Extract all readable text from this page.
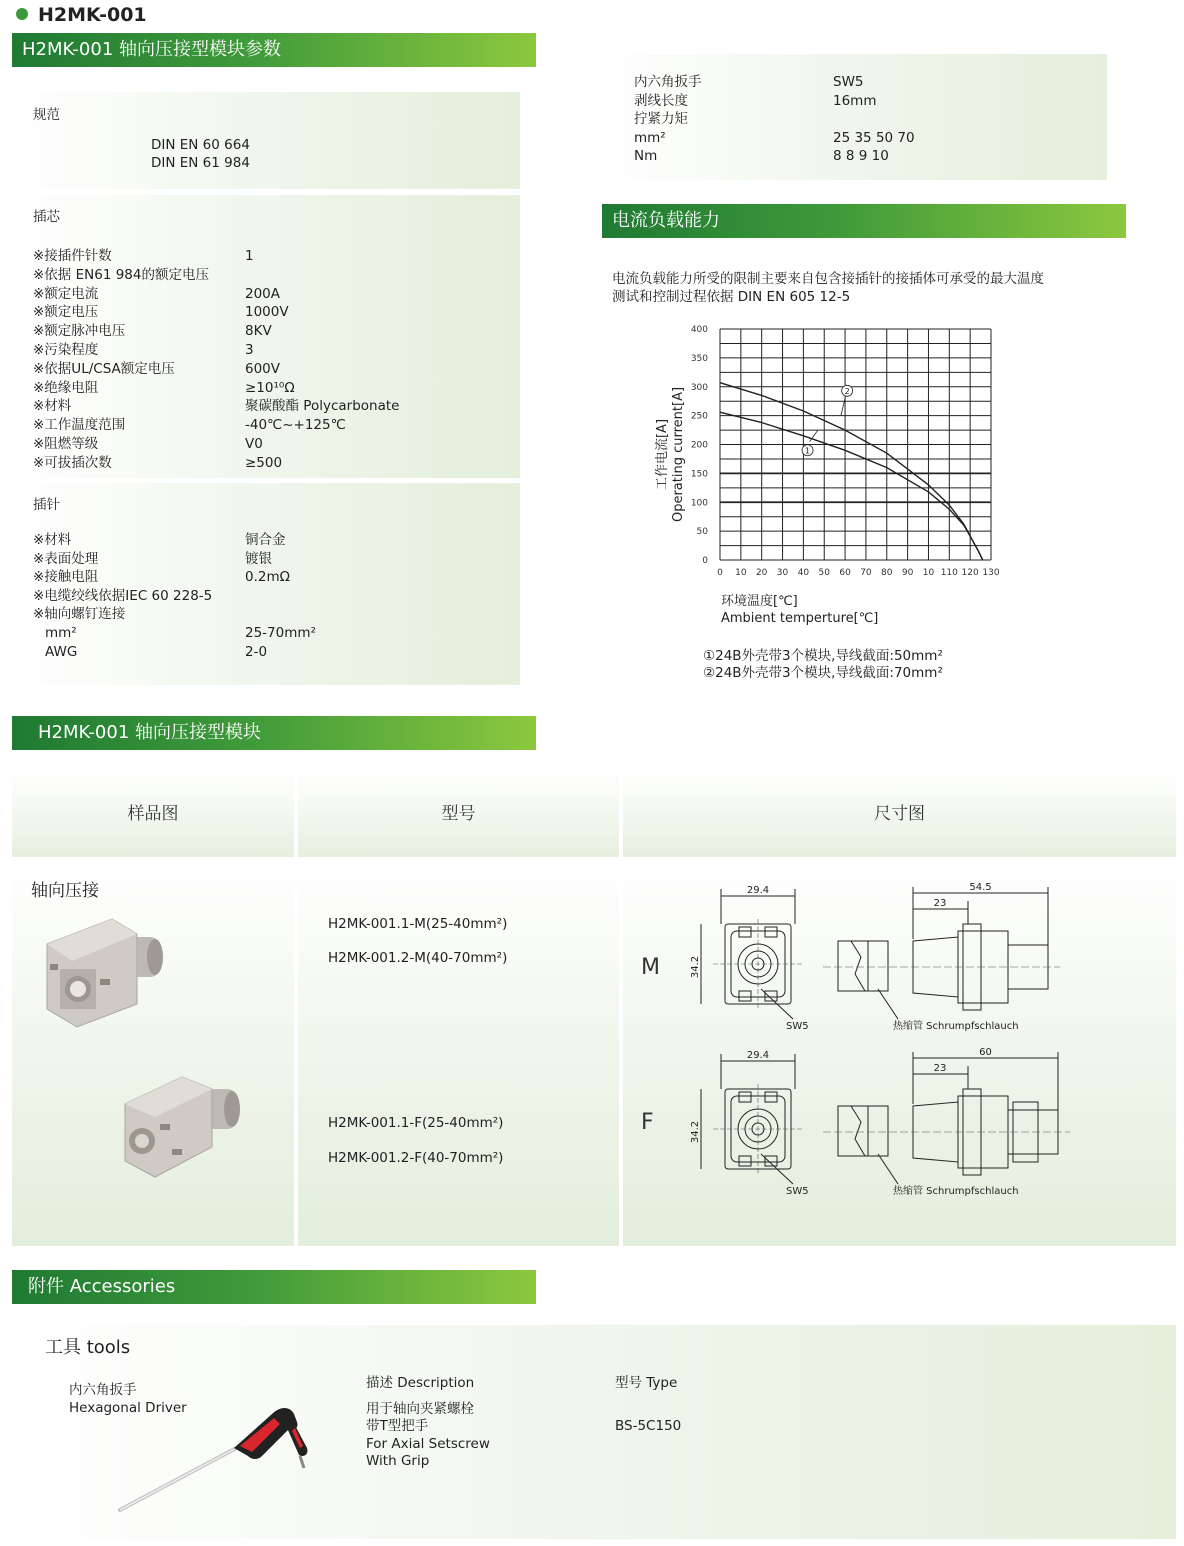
H2MK-001
H2MK-001 轴向压接型模块参数
规范
DIN EN 60 664
DIN EN 61 984
插芯
※接插件针数	1
※依据 EN61 984的额定电压
※额定电流	200A
※额定电压	1000V
※额定脉冲电压	8KV
※污染程度	3
※依据UL/CSA额定电压	600V
※绝缘电阻	≥10¹⁰Ω
※材料	聚碳酸酯 Polycarbonate
※工作温度范围	-40℃~+125℃
※阻燃等级	V0
※可拔插次数	≥500
插针
※材料	铜合金
※表面处理	镀银
※接触电阻	0.2mΩ
※电缆绞线依据IEC 60 228-5
※轴向螺钉连接
mm²	25-70mm²
AWG	2-0
内六角扳手	SW5
剥线长度	16mm
拧紧力矩
mm²	25 35 50 70
Nm	8 8 9 10
电流负载能力
电流负载能力所受的限制主要来自包含接插针的接插体可承受的最大温度
测试和控制过程依据 DIN EN 605 12-5
0 10 20 30 40 50 60 70 80 90 10 110 120 130
0
50
100
150
200
250
300
350
400
工作电流[A] Operating current[A]
环境温度[℃]
Ambient temperture[℃]
1
2
①24B外壳带3个模块,导线截面:50mm²
②24B外壳带3个模块,导线截面:70mm²
H2MK-001 轴向压接型模块
样品图	型号	尺寸图
轴向压接
H2MK-001.1-M(25-40mm²)
H2MK-001.2-M(40-70mm²)
H2MK-001.1-F(25-40mm²)
H2MK-001.2-F(40-70mm²)
M
F
29.4
34.2
SW5	热缩管 Schrumpfschlauch
54.5
23
29.4
34.2
SW5	热缩管 Schrumpfschlauch
60
23
附件 Accessories
工具 tools
内六角扳手
Hexagonal Driver
描述 Description
用于轴向夹紧螺栓
带T型把手
For Axial Setscrew
With Grip
型号 Type
BS-5C150
